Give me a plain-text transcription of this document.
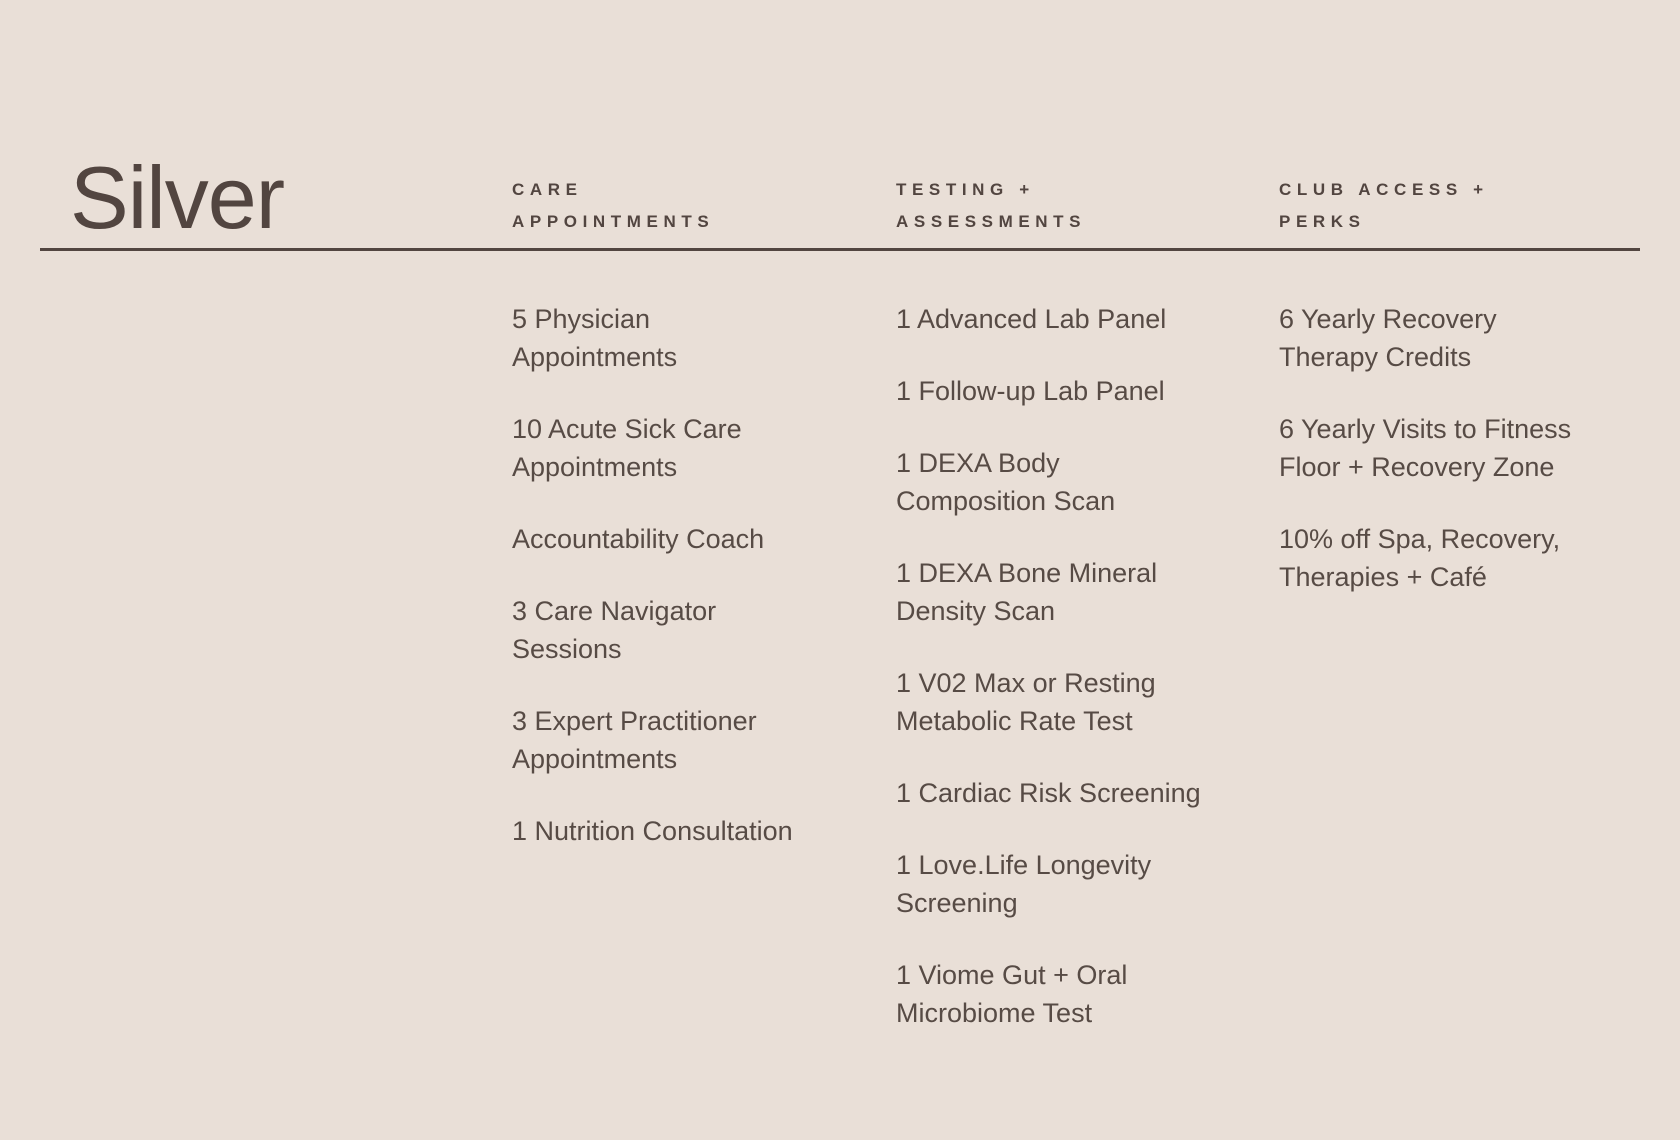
Silver	CARE
APPOINTMENTS
TESTING +
ASSESSMENTS
CLUB ACCESS +
PERKS
5 Physician
Appointments
10 Acute Sick Care
Appointments
Accountability Coach
3 Care Navigator
Sessions
3 Expert Practitioner
Appointments
1 Nutrition Consultation
1 Advanced Lab Panel
1 Follow-up Lab Panel
1 DEXA Body
Composition Scan
1 DEXA Bone Mineral
Density Scan
1 V02 Max or Resting
Metabolic Rate Test
1 Cardiac Risk Screening
1 Love.Life Longevity
Screening
1 Viome Gut + Oral
Microbiome Test
6 Yearly Recovery
Therapy Credits
6 Yearly Visits to Fitness
Floor + Recovery Zone
10% off Spa, Recovery,
Therapies + Café
